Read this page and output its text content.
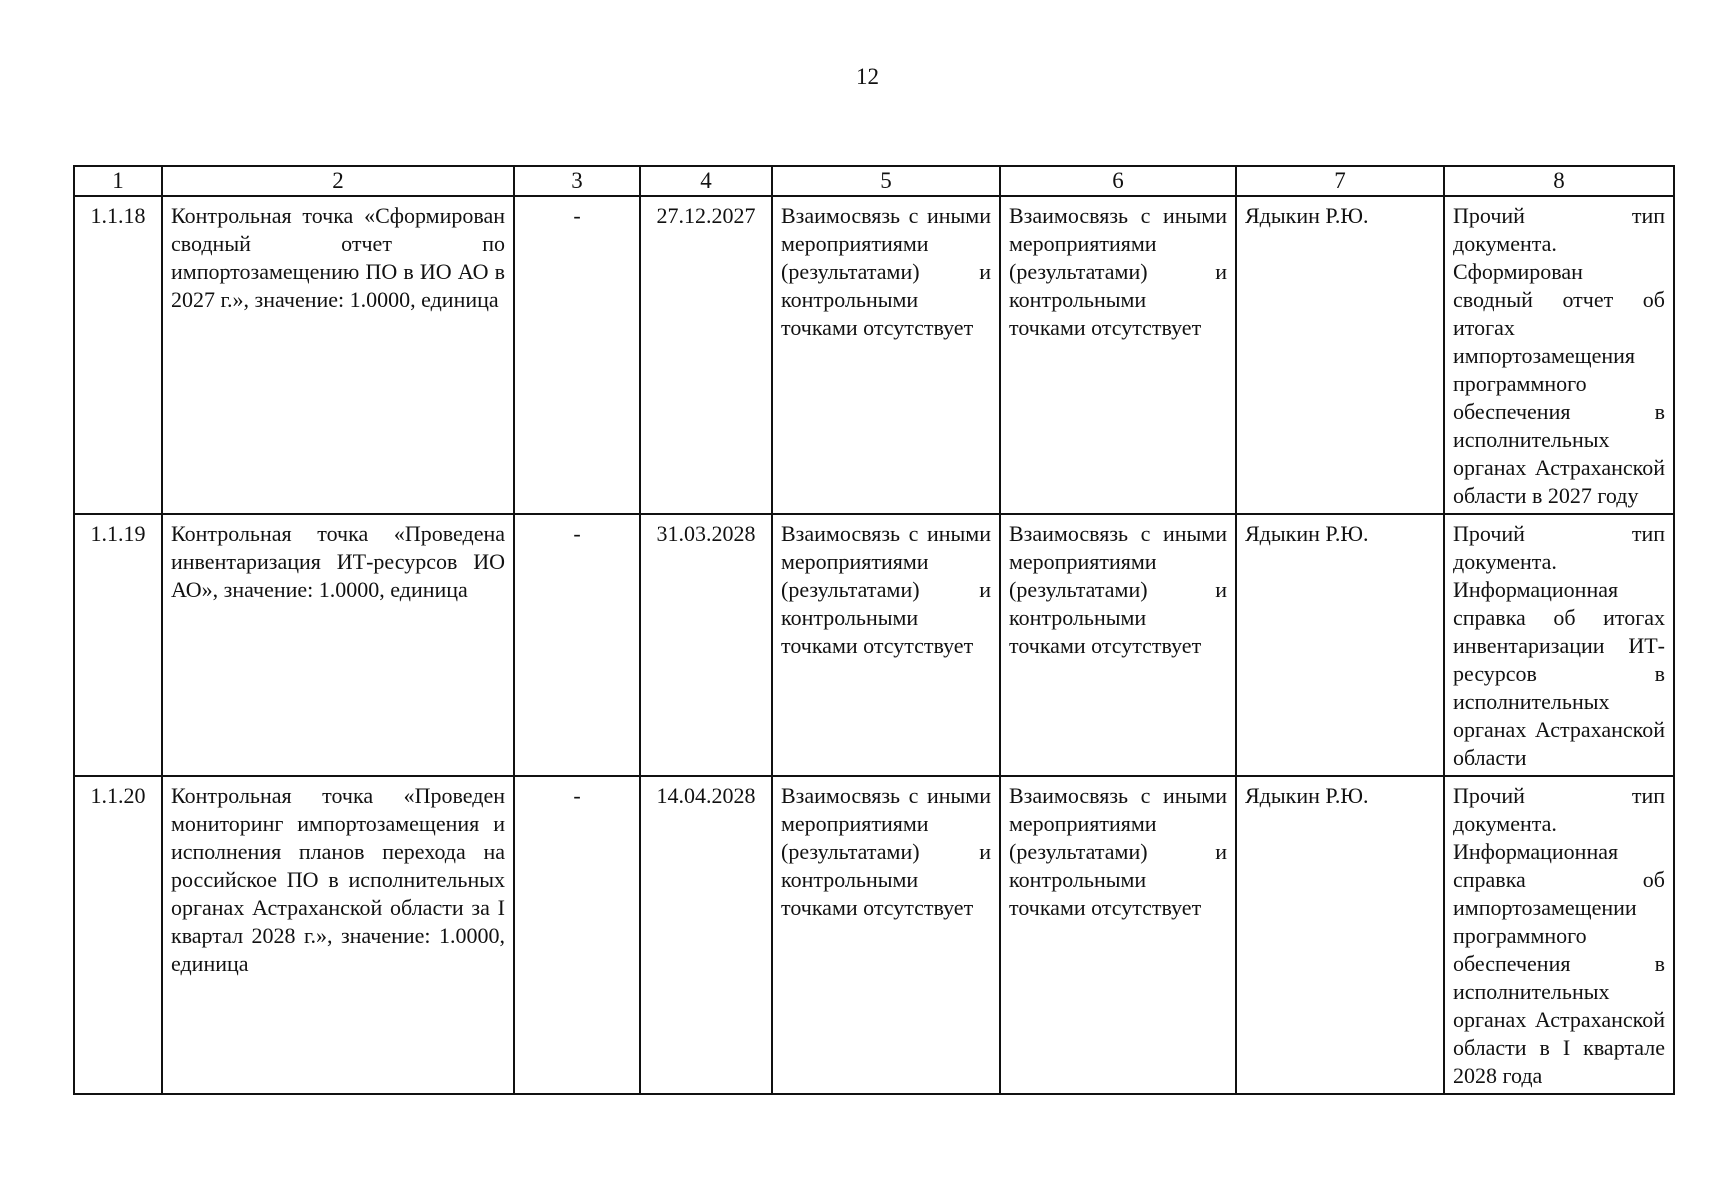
12
1	2	3	4	5	6	7	8

1.1.18	Контрольная точка «Сформирован сводный отчет по импортозамещению ПО в ИО АО в 2027 г.», значение: 1.0000, единица	-	27.12.2027	Взаимосвязь с иными мероприятиями (результатами) и контрольными точками отсутствует	Взаимосвязь с иными мероприятиями (результатами) и контрольными точками отсутствует	Ядыкин Р.Ю.	Прочий тип документа. Сформирован сводный отчет об итогах импортозамещения программного обеспечения в исполнительных органах Астраханской области в 2027 году

1.1.19	Контрольная точка «Проведена инвентаризация ИТ-ресурсов ИО АО», значение: 1.0000, единица	-	31.03.2028	Взаимосвязь с иными мероприятиями (результатами) и контрольными точками отсутствует	Взаимосвязь с иными мероприятиями (результатами) и контрольными точками отсутствует	Ядыкин Р.Ю.	Прочий тип документа. Информационная справка об итогах инвентаризации ИТ-ресурсов в исполнительных органах Астраханской области

1.1.20	Контрольная точка «Проведен мониторинг импортозамещения и исполнения планов перехода на российское ПО в исполнительных органах Астраханской области за I квартал 2028 г.», значение: 1.0000, единица	-	14.04.2028	Взаимосвязь с иными мероприятиями (результатами) и контрольными точками отсутствует	Взаимосвязь с иными мероприятиями (результатами) и контрольными точками отсутствует	Ядыкин Р.Ю.	Прочий тип документа. Информационная справка об импортозамещении программного обеспечения в исполнительных органах Астраханской области в I квартале 2028 года
